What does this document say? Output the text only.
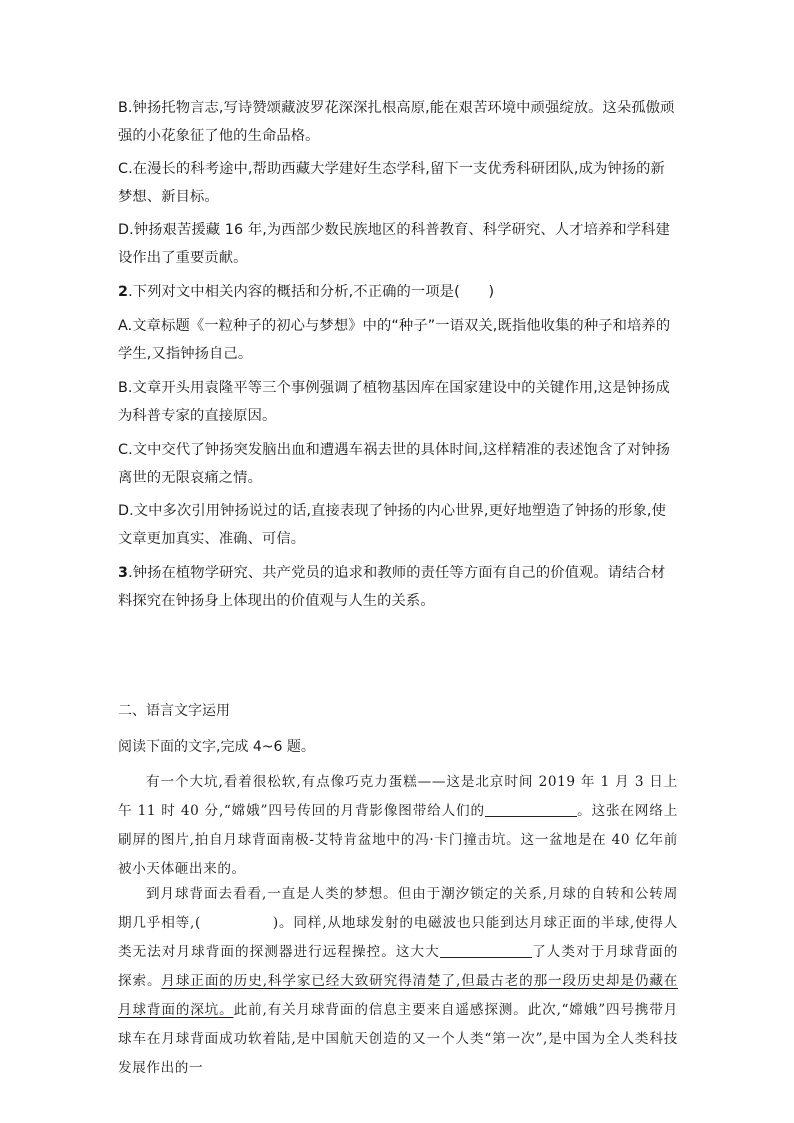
B.钟扬托物言志,写诗赞颂藏波罗花深深扎根高原,能在艰苦环境中顽强绽放。这朵孤傲顽强的小花象征了他的生命品格。

C.在漫长的科考途中,帮助西藏大学建好生态学科,留下一支优秀科研团队,成为钟扬的新梦想、新目标。

D.钟扬艰苦援藏 16 年,为西部少数民族地区的科普教育、科学研究、人才培养和学科建设作出了重要贡献。

2.下列对文中相关内容的概括和分析,不正确的一项是(　　)

A.文章标题《一粒种子的初心与梦想》中的“种子”一语双关,既指他收集的种子和培养的学生,又指钟扬自己。

B.文章开头用袁隆平等三个事例强调了植物基因库在国家建设中的关键作用,这是钟扬成为科普专家的直接原因。

C.文中交代了钟扬突发脑出血和遭遇车祸去世的具体时间,这样精准的表述饱含了对钟扬离世的无限哀痛之情。

D.文中多次引用钟扬说过的话,直接表现了钟扬的内心世界,更好地塑造了钟扬的形象,使文章更加真实、准确、可信。

3.钟扬在植物学研究、共产党员的追求和教师的责任等方面有自己的价值观。请结合材料探究在钟扬身上体现出的价值观与人生的关系。

二、语言文字运用

阅读下面的文字,完成 4~6 题。

有一个大坑,看着很松软,有点像巧克力蛋糕——这是北京时间 2019 年 1 月 3 日上午 11 时 40 分,“嫦娥”四号传回的月背影像图带给人们的	。这张在网络上刷屏的图片,拍自月球背面南极-艾特肯盆地中的冯·卡门撞击坑。这一盆地是在 40 亿年前被小天体砸出来的。

到月球背面去看看,一直是人类的梦想。但由于潮汐锁定的关系,月球的自转和公转周期几乎相等,(	)。同样,从地球发射的电磁波也只能到达月球正面的半球,使得人类无法对月球背面的探测器进行远程操控。这大大	了人类对于月球背面的探索。月球正面的历史,科学家已经大致研究得清楚了,但最古老的那一段历史却是仍藏在月球背面的深坑。此前,有关月球背面的信息主要来自遥感探测。此次,“嫦娥”四号携带月球车在月球背面成功软着陆,是中国航天创造的又一个人类“第一次”,是中国为全人类科技发展作出的一
